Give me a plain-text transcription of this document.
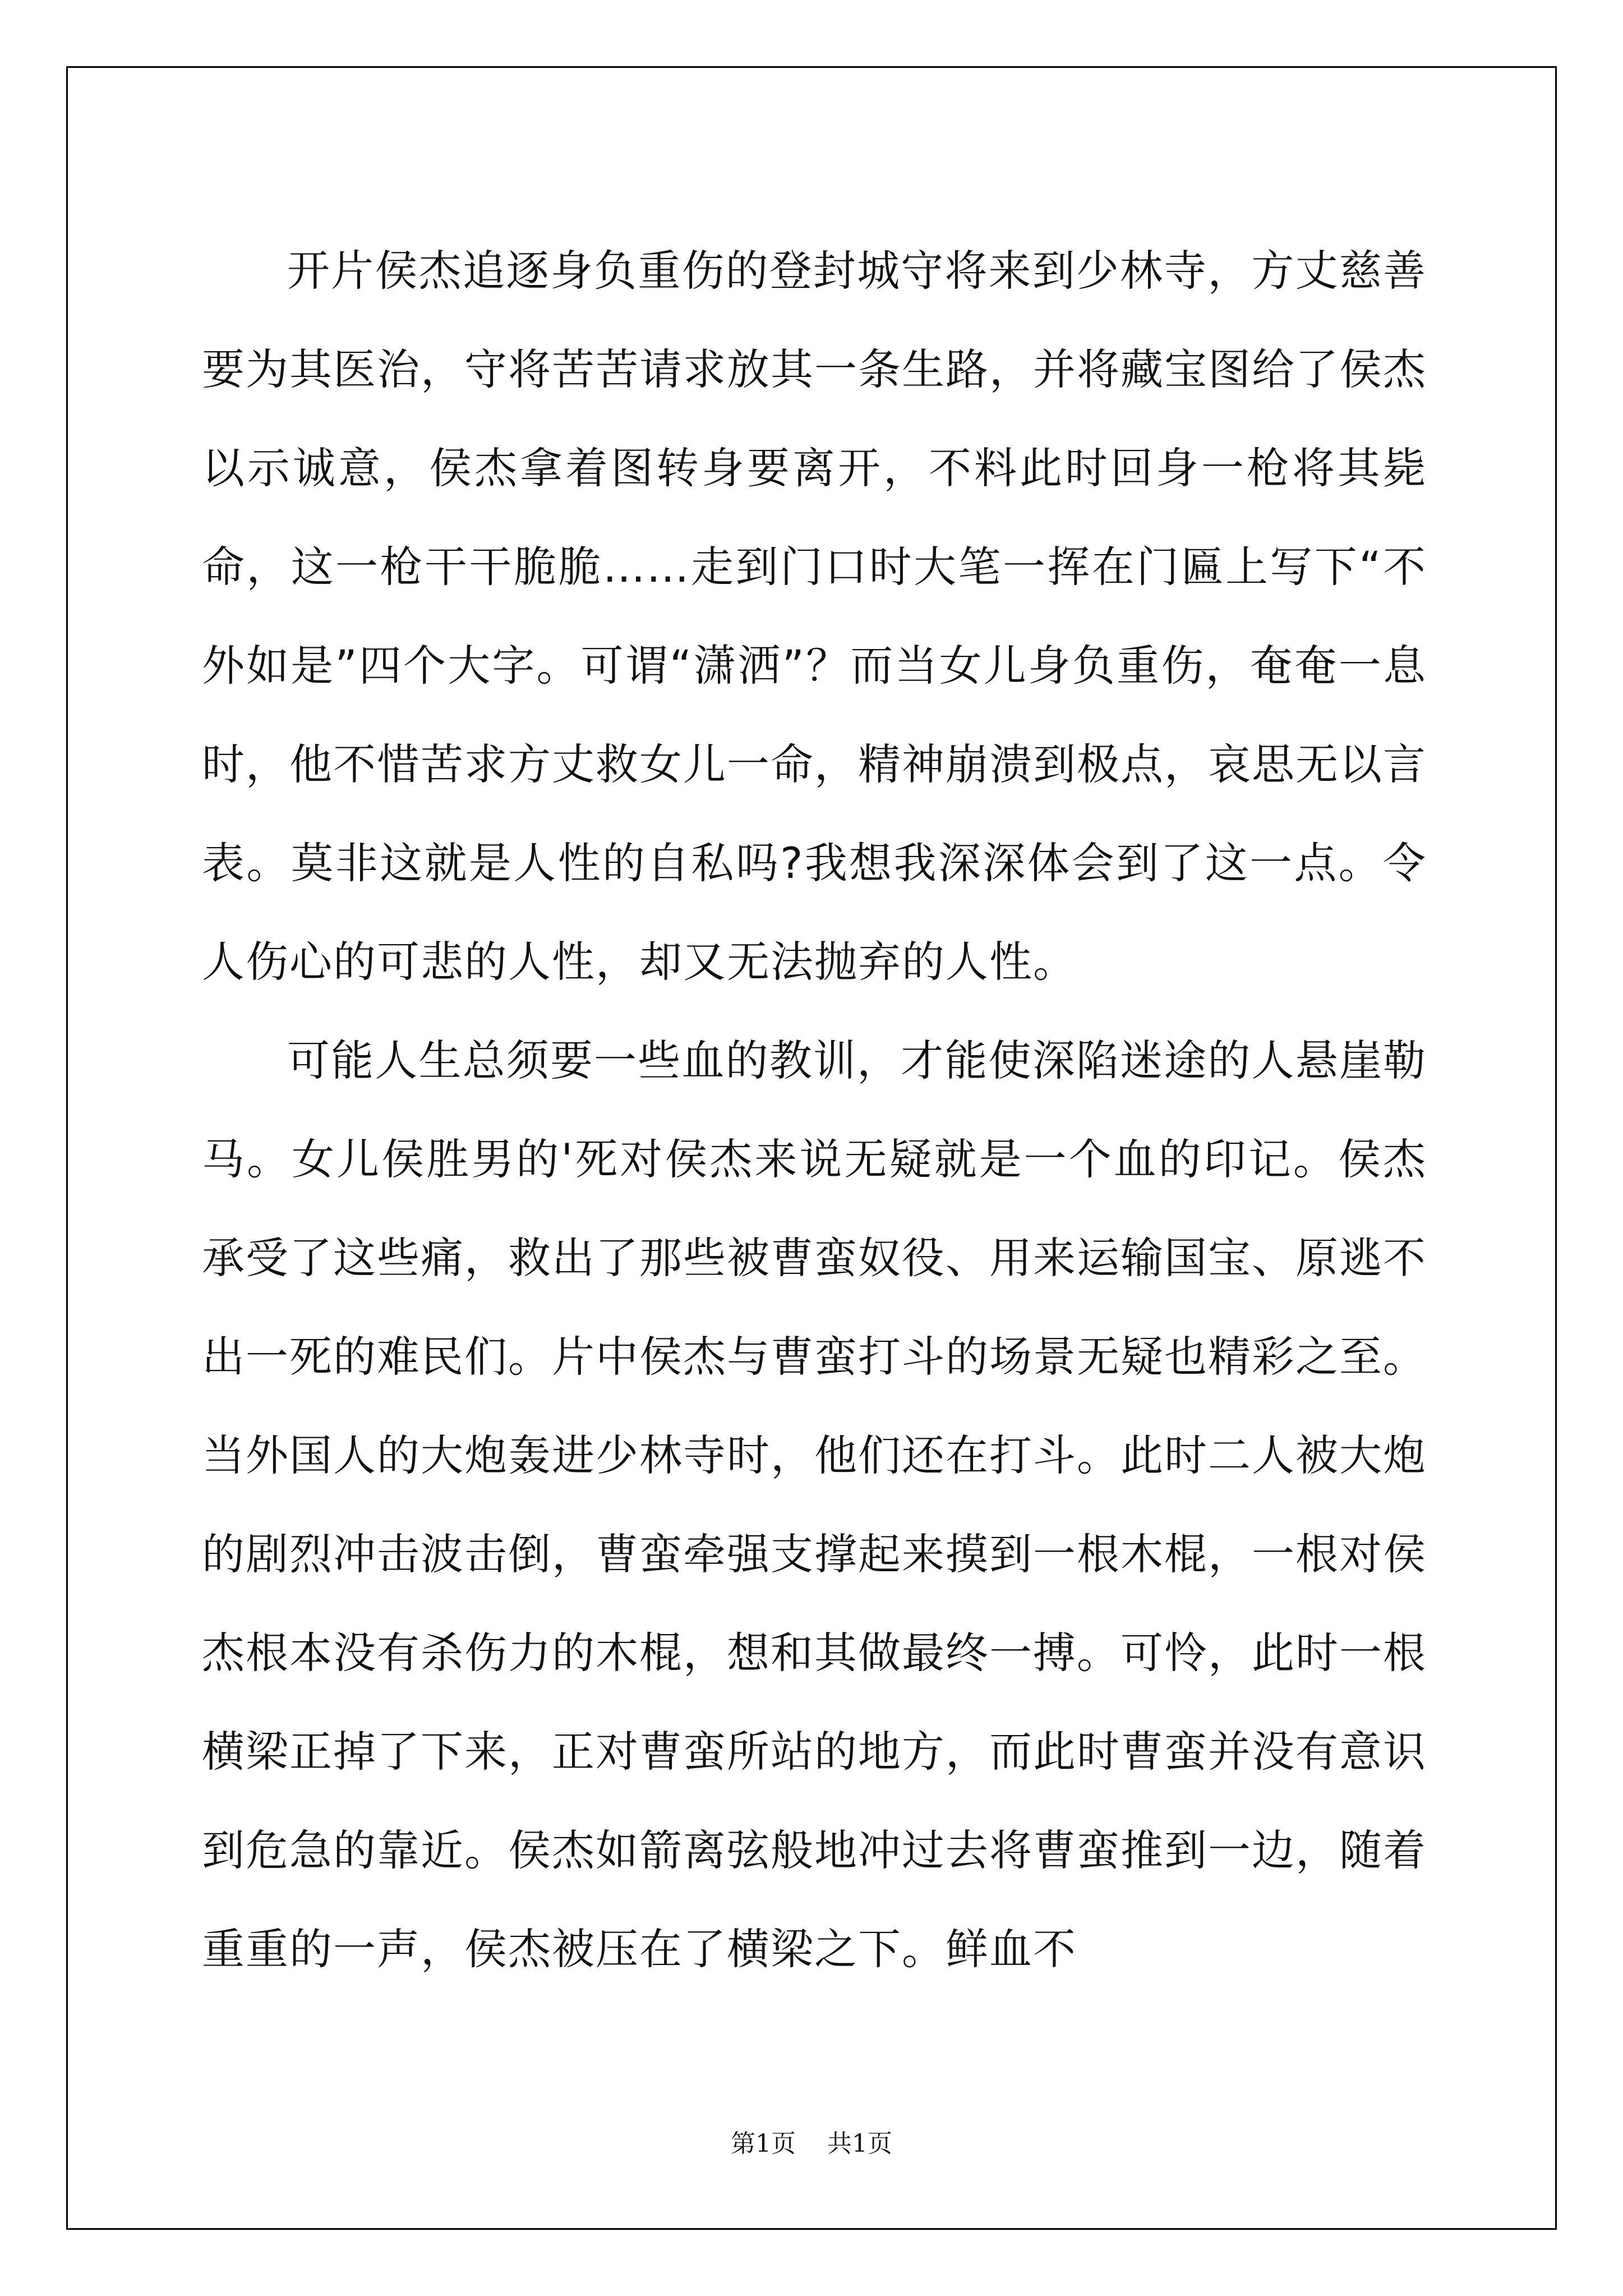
开片侯杰追逐身负重伤的登封城守将来到少林寺，方丈慈善要为其医治，守将苦苦请求放其一条生路，并将藏宝图给了侯杰以示诚意，侯杰拿着图转身要离开，不料此时回身一枪将其毙命，这一枪干干脆脆……走到门口时大笔一挥在门匾上写下“不外如是”四个大字。可谓“潇洒”？而当女儿身负重伤，奄奄一息时，他不惜苦求方丈救女儿一命，精神崩溃到极点，哀思无以言表。莫非这就是人性的自私吗?我想我深深体会到了这一点。令人伤心的可悲的人性，却又无法抛弃的人性。

可能人生总须要一些血的教训，才能使深陷迷途的人悬崖勒马。女儿侯胜男的'死对侯杰来说无疑就是一个血的印记。侯杰承受了这些痛，救出了那些被曹蛮奴役、用来运输国宝、原逃不出一死的难民们。片中侯杰与曹蛮打斗的场景无疑也精彩之至。当外国人的大炮轰进少林寺时，他们还在打斗。此时二人被大炮的剧烈冲击波击倒，曹蛮牵强支撑起来摸到一根木棍，一根对侯杰根本没有杀伤力的木棍，想和其做最终一搏。可怜，此时一根横梁正掉了下来，正对曹蛮所站的地方，而此时曹蛮并没有意识到危急的靠近。侯杰如箭离弦般地冲过去将曹蛮推到一边，随着重重的一声，侯杰被压在了横梁之下。鲜血不

第1页 共1页
